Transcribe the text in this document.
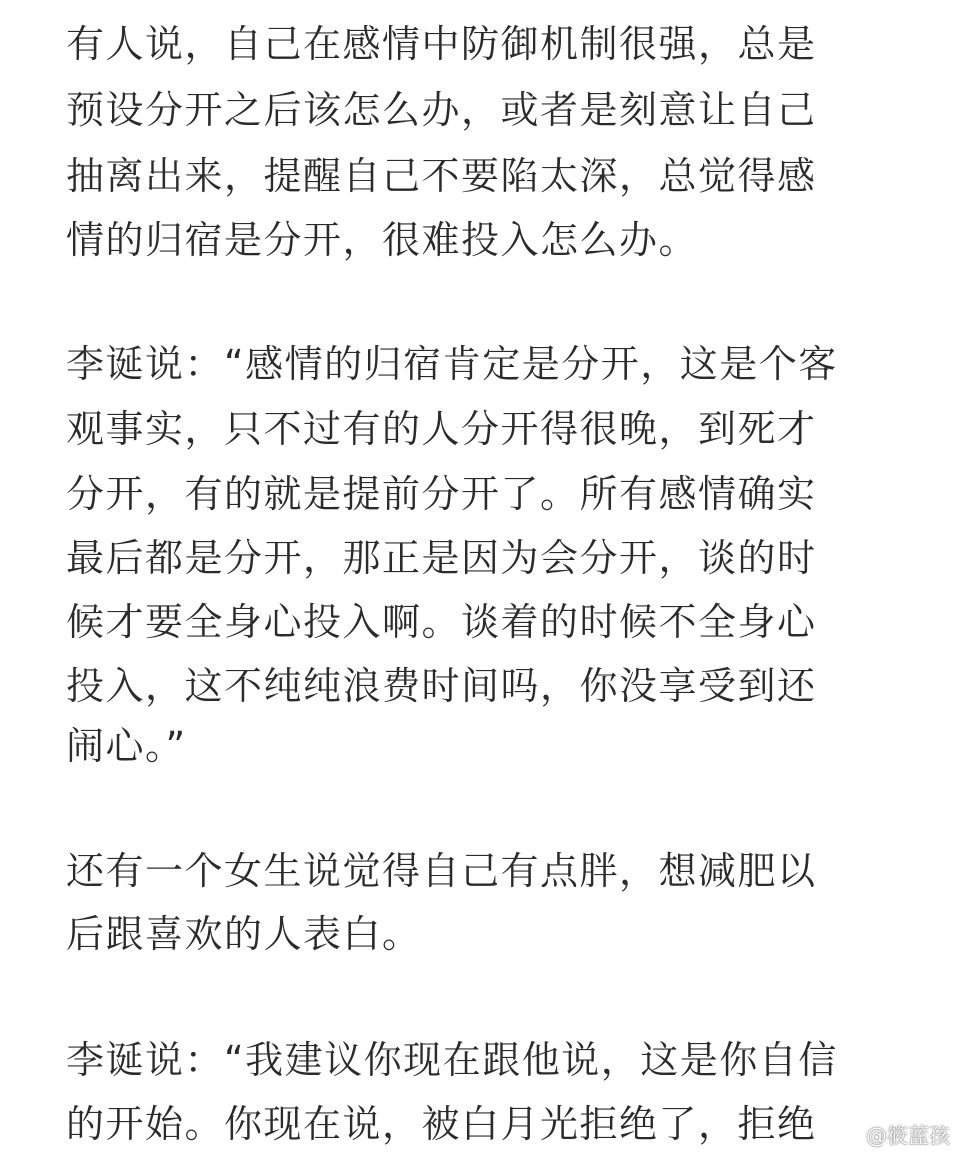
有人说，自己在感情中防御机制很强，总是
预设分开之后该怎么办，或者是刻意让自己
抽离出来，提醒自己不要陷太深，总觉得感
情的归宿是分开，很难投入怎么办。
李诞说：“感情的归宿肯定是分开，这是个客
观事实，只不过有的人分开得很晚，到死才
分开，有的就是提前分开了。所有感情确实
最后都是分开，那正是因为会分开，谈的时
候才要全身心投入啊。谈着的时候不全身心
投入，这不纯纯浪费时间吗，你没享受到还
闹心。”
还有一个女生说觉得自己有点胖，想减肥以
后跟喜欢的人表白。
李诞说：“我建议你现在跟他说，这是你自信
的开始。你现在说，被白月光拒绝了，拒绝	@筱蓝孩
